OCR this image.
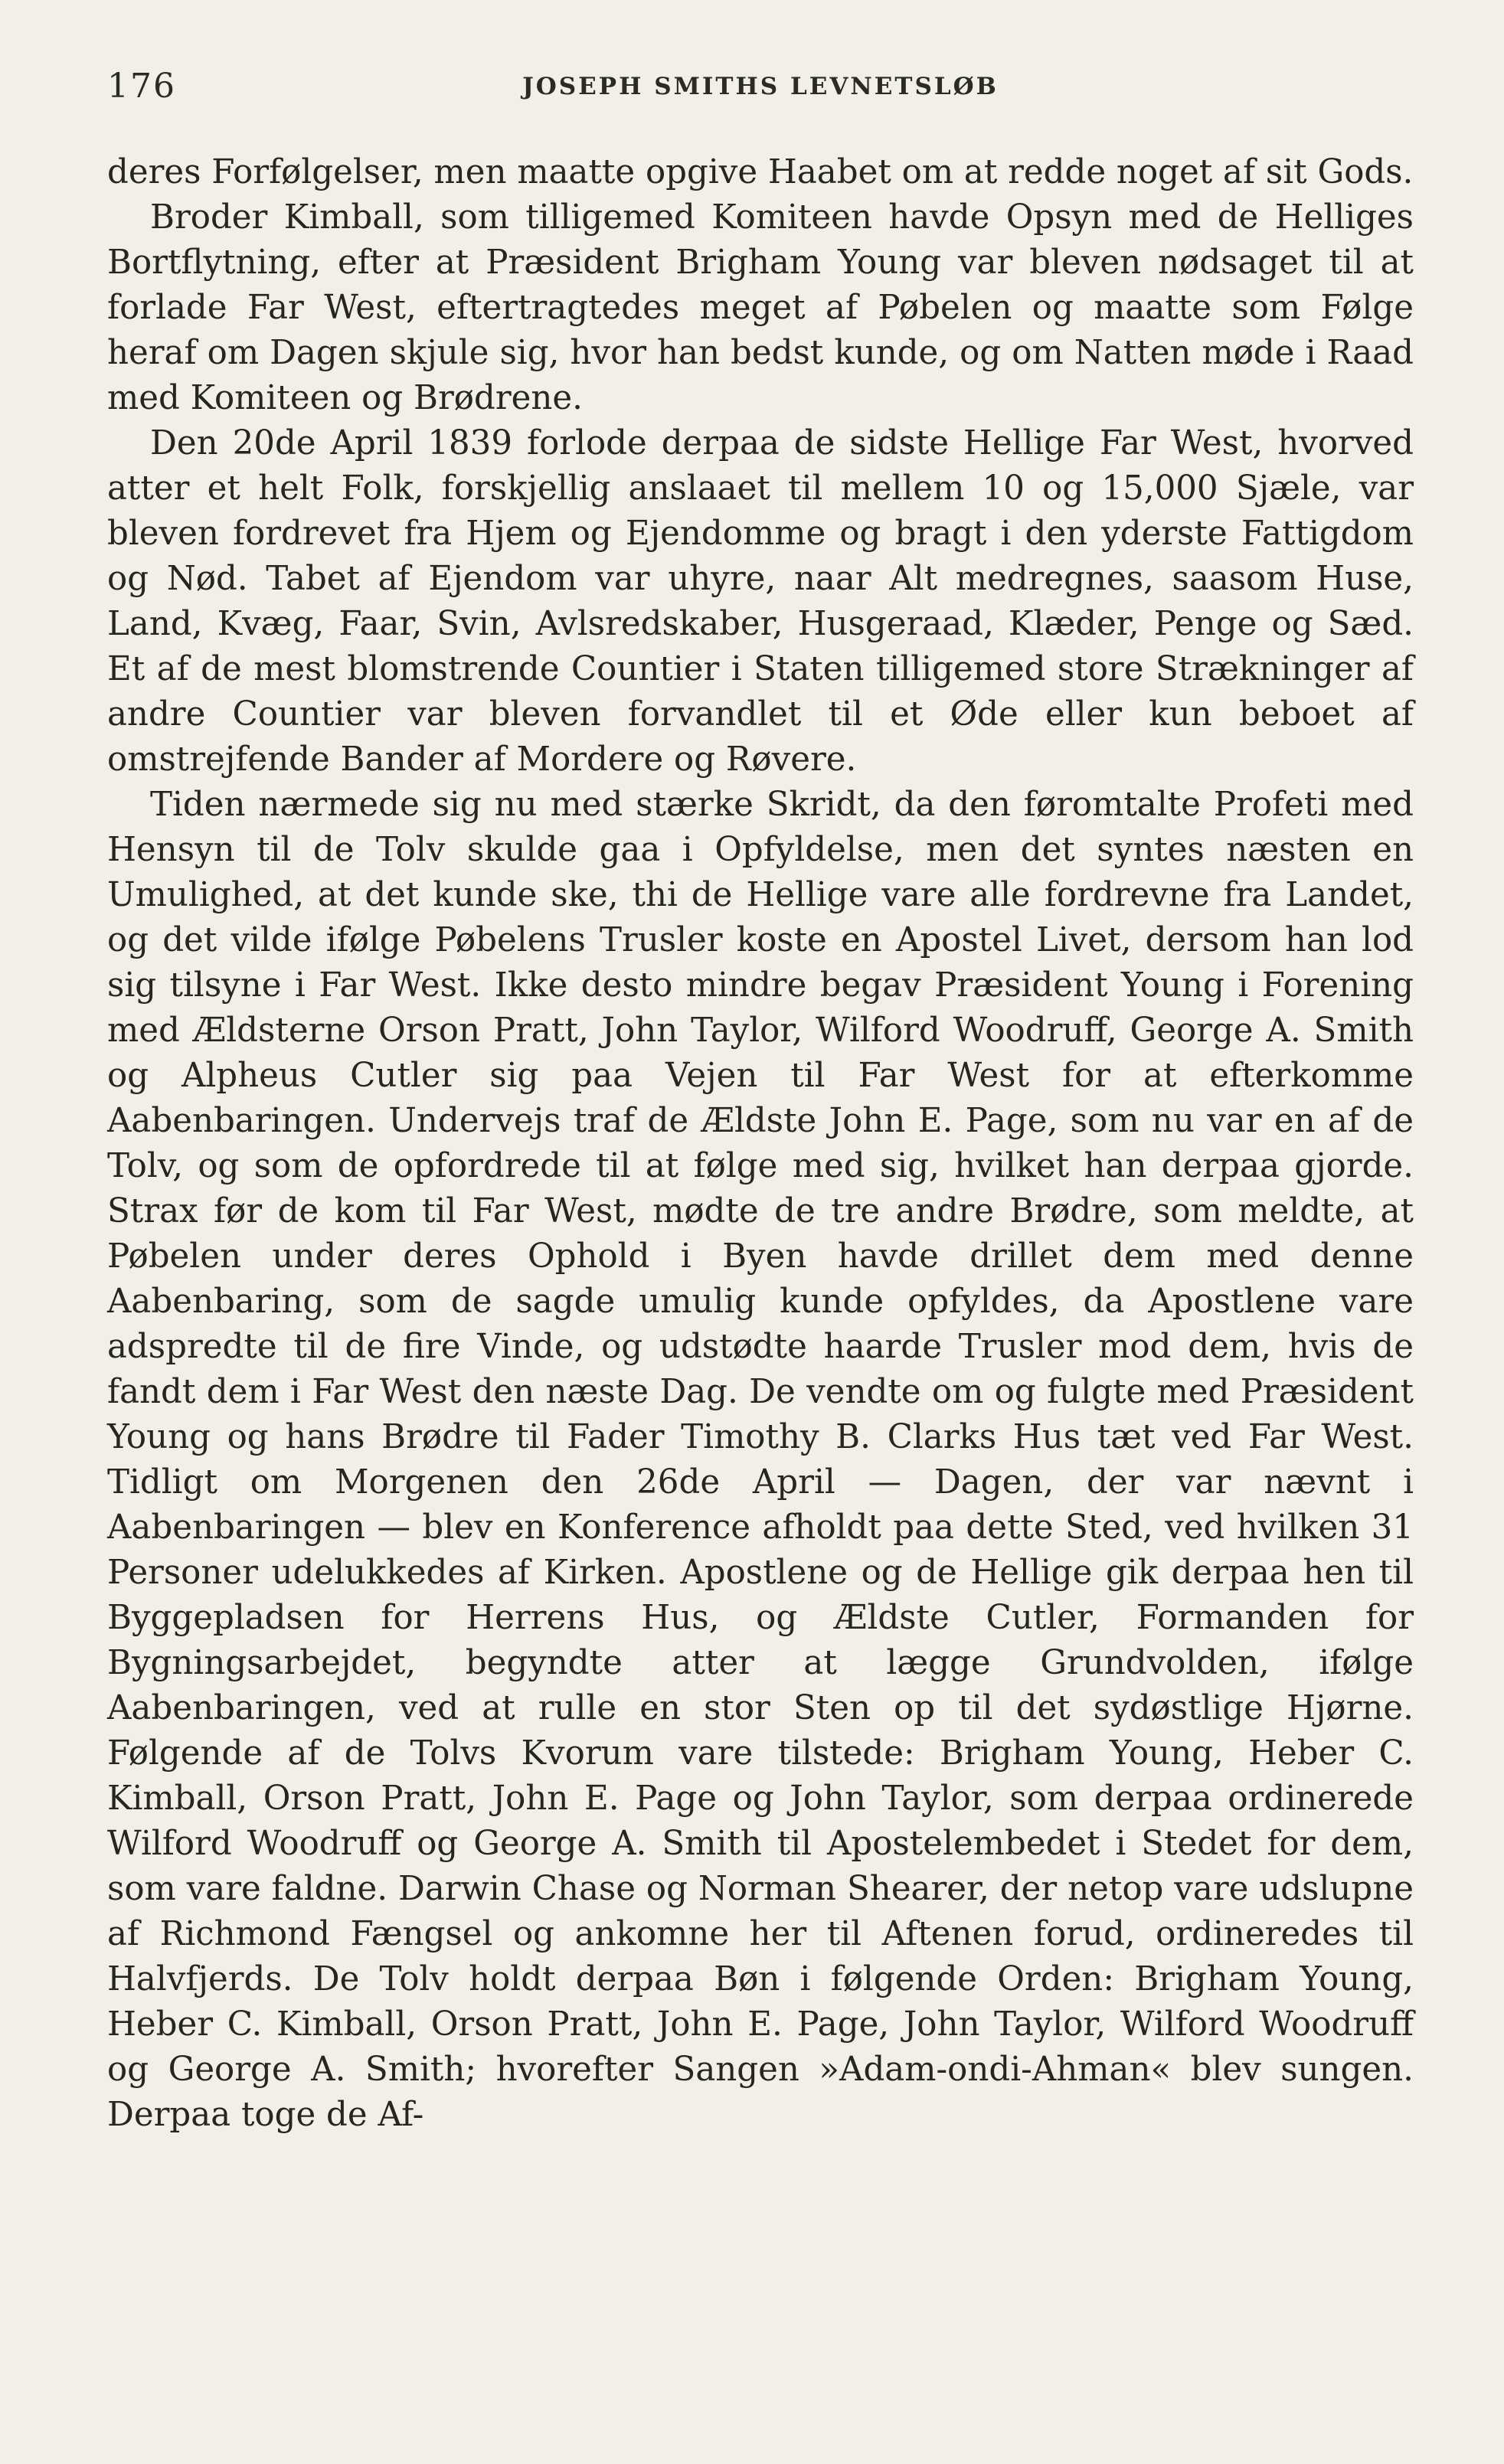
176	JOSEPH SMITHS LEVNETSLØB

deres Forfølgelser, men maatte opgive Haabet om at redde noget af sit Gods.

Broder Kimball, som tilligemed Komiteen havde Opsyn med de Helliges Bortflytning, efter at Præsident Brigham Young var bleven nødsaget til at forlade Far West, eftertragtedes meget af Pøbelen og maatte som Følge heraf om Dagen skjule sig, hvor han bedst kunde, og om Natten møde i Raad med Komiteen og Brødrene.

Den 20de April 1839 forlode derpaa de sidste Hellige Far West, hvorved atter et helt Folk, forskjellig anslaaet til mellem 10 og 15,000 Sjæle, var bleven fordrevet fra Hjem og Ejendomme og bragt i den yderste Fattigdom og Nød. Tabet af Ejendom var uhyre, naar Alt medregnes, saasom Huse, Land, Kvæg, Faar, Svin, Avlsredskaber, Husgeraad, Klæder, Penge og Sæd. Et af de mest blomstrende Countier i Staten tilligemed store Strækninger af andre Countier var bleven forvandlet til et Øde eller kun beboet af omstrejfende Bander af Mordere og Røvere.

Tiden nærmede sig nu med stærke Skridt, da den føromtalte Profeti med Hensyn til de Tolv skulde gaa i Opfyldelse, men det syntes næsten en Umulighed, at det kunde ske, thi de Hellige vare alle fordrevne fra Landet, og det vilde ifølge Pøbelens Trusler koste en Apostel Livet, dersom han lod sig tilsyne i Far West. Ikke desto mindre begav Præsident Young i Forening med Ældsterne Orson Pratt, John Taylor, Wilford Woodruff, George A. Smith og Alpheus Cutler sig paa Vejen til Far West for at efterkomme Aabenbaringen. Undervejs traf de Ældste John E. Page, som nu var en af de Tolv, og som de opfordrede til at følge med sig, hvilket han derpaa gjorde. Strax før de kom til Far West, mødte de tre andre Brødre, som meldte, at Pøbelen under deres Ophold i Byen havde drillet dem med denne Aabenbaring, som de sagde umulig kunde opfyldes, da Apostlene vare adspredte til de fire Vinde, og udstødte haarde Trusler mod dem, hvis de fandt dem i Far West den næste Dag. De vendte om og fulgte med Præsident Young og hans Brødre til Fader Timothy B. Clarks Hus tæt ved Far West. Tidligt om Morgenen den 26de April — Dagen, der var nævnt i Aabenbaringen — blev en Konference afholdt paa dette Sted, ved hvilken 31 Personer udelukkedes af Kirken. Apostlene og de Hellige gik derpaa hen til Byggepladsen for Herrens Hus, og Ældste Cutler, Formanden for Bygningsarbejdet, begyndte atter at lægge Grundvolden, ifølge Aabenbaringen, ved at rulle en stor Sten op til det sydøstlige Hjørne. Følgende af de Tolvs Kvorum vare tilstede: Brigham Young, Heber C. Kimball, Orson Pratt, John E. Page og John Taylor, som derpaa ordinerede Wilford Woodruff og George A. Smith til Apostelembedet i Stedet for dem, som vare faldne. Darwin Chase og Norman Shearer, der netop vare udslupne af Richmond Fængsel og ankomne her til Aftenen forud, ordineredes til Halvfjerds. De Tolv holdt derpaa Bøn i følgende Orden: Brigham Young, Heber C. Kimball, Orson Pratt, John E. Page, John Taylor, Wilford Woodruff og George A. Smith; hvorefter Sangen »Adam-ondi-Ahman« blev sungen. Derpaa toge de Af-
